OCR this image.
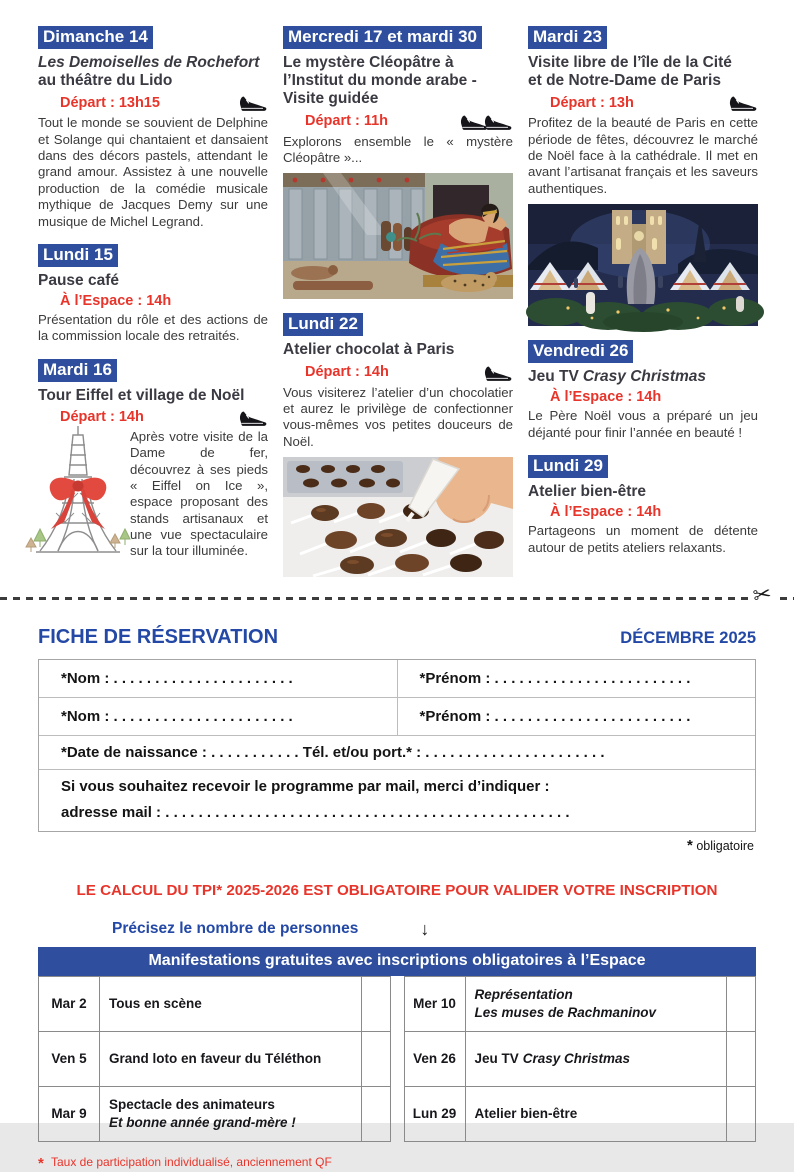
Dimanche 14
Les Demoiselles de Rochefort
au théâtre du Lido
Départ : 13h15
Tout le monde se souvient de Delphine et Solange qui chantaient et dansaient dans des décors pastels, attendant le grand amour. Assistez à une nouvelle production de la comédie musicale mythique de Jacques Demy sur une musique de Michel Legrand.
Lundi 15
Pause café
À l’Espace : 14h
Présentation du rôle et des actions de la commission locale des retraités.
Mardi 16
Tour Eiffel et village de Noël
Départ : 14h
Après votre visite de la Dame de fer, découvrez à ses pieds « Eiffel on Ice », espace proposant des stands artisanaux et une vue spectaculaire sur la tour illuminée.
Mercredi 17 et mardi 30
Le mystère Cléopâtre à l’Institut du monde arabe - Visite guidée
Départ : 11h
Explorons ensemble le « mystère Cléopâtre »...
Lundi 22
Atelier chocolat à Paris
Départ : 14h
Vous visiterez l’atelier d’un chocolatier et aurez le privilège de confectionner vous-mêmes vos petites douceurs de Noël.
Mardi 23
Visite libre de l’île de la Cité
et de Notre-Dame de Paris
Départ : 13h
Profitez de la beauté de Paris en cette période de fêtes, découvrez le marché de Noël face à la cathédrale. Il met en avant l’artisanat français et les saveurs authentiques.
Vendredi 26
Jeu TV Crasy Christmas
À l’Espace : 14h
Le Père Noël vous a préparé un jeu déjanté pour finir l’année en beauté !
Lundi 29
Atelier bien-être
À l’Espace : 14h
Partageons un moment de détente autour de petits ateliers relaxants.
✂
FICHE DE RÉSERVATION	DÉCEMBRE 2025
*Nom : . . . . . . . . . . . . . . . . . . . . . .	*Prénom : . . . . . . . . . . . . . . . . . . . . . . . .
*Nom : . . . . . . . . . . . . . . . . . . . . . .	*Prénom : . . . . . . . . . . . . . . . . . . . . . . . .
*Date de naissance : . . . . . . . . . . . Tél. et/ou port.* : . . . . . . . . . . . . . . . . . . . . . .
Si vous souhaitez recevoir le programme par mail, merci d’indiquer :
adresse mail : . . . . . . . . . . . . . . . . . . . . . . . . . . . . . . . . . . . . . . . . . . . . . . . . .
* obligatoire
LE CALCUL DU TPI* 2025-2026 EST OBLIGATOIRE POUR VALIDER VOTRE INSCRIPTION
Précisez le nombre de personnes	↓
Manifestations gratuites avec inscriptions obligatoires à l’Espace
Mar 2	Tous en scène	
Ven 5	Grand loto en faveur du Téléthon	
Mar 9	Spectacle des animateurs
Et bonne année grand-mère !	
Mer 10	Représentation
Les muses de Rachmaninov	
Ven 26	Jeu TV Crasy Christmas	
Lun 29	Atelier bien-être	
* Taux de participation individualisé, anciennement QF
